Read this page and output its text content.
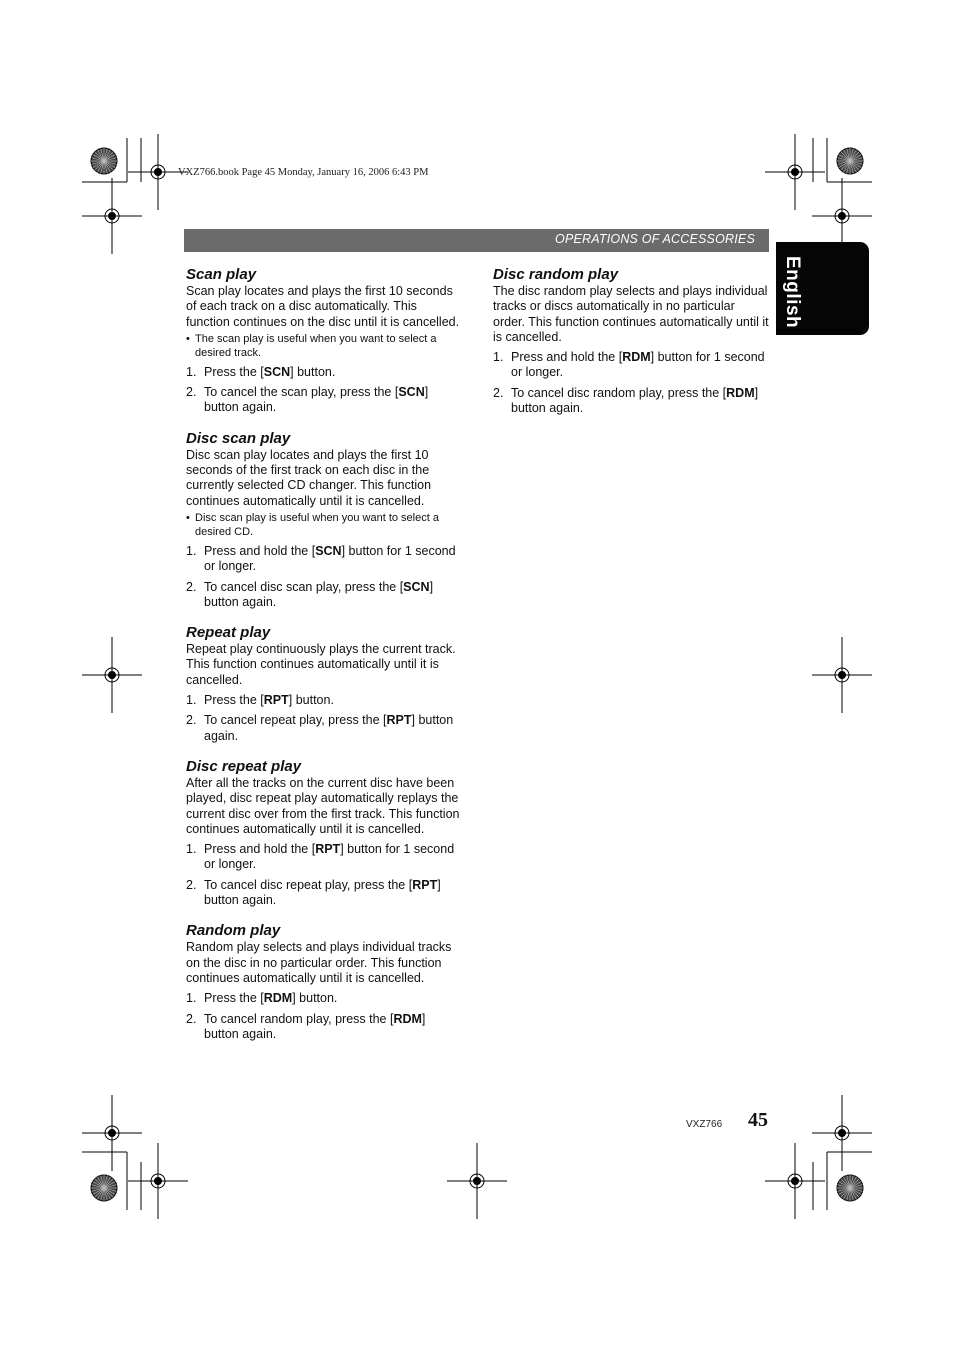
VXZ766.book Page 45 Monday, January 16, 2006 6:43 PM
OPERATIONS OF ACCESSORIES
English
Scan play

Scan play locates and plays the first 10 seconds of each track on a disc automatically. This function continues on the disc until it is cancelled.

• The scan play is useful when you want to select a desired track.
1. Press the [SCN] button.
2. To cancel the scan play, press the [SCN] button again.
Disc scan play

Disc scan play locates and plays the first 10 seconds of the first track on each disc in the currently selected CD changer. This function continues automatically until it is cancelled.

• Disc scan play is useful when you want to select a desired CD.
1. Press and hold the [SCN] button for 1 second or longer.
2. To cancel disc scan play, press the [SCN] button again.
Repeat play

Repeat play continuously plays the current track. This function continues automatically until it is cancelled.

1. Press the [RPT] button.
2. To cancel repeat play, press the [RPT] button again.
Disc repeat play

After all the tracks on the current disc have been played, disc repeat play automatically replays the current disc over from the first track. This function continues automatically until it is cancelled.

1. Press and hold the [RPT] button for 1 second or longer.
2. To cancel disc repeat play, press the [RPT] button again.
Random play

Random play selects and plays individual tracks on the disc in no particular order. This function continues automatically until it is cancelled.

1. Press the [RDM] button.
2. To cancel random play, press the [RDM] button again.
Disc random play

The disc random play selects and plays individual tracks or discs automatically in no particular order. This function continues automatically until it is cancelled.

1. Press and hold the [RDM] button for 1 second or longer.
2. To cancel disc random play, press the [RDM] button again.
VXZ766 45
